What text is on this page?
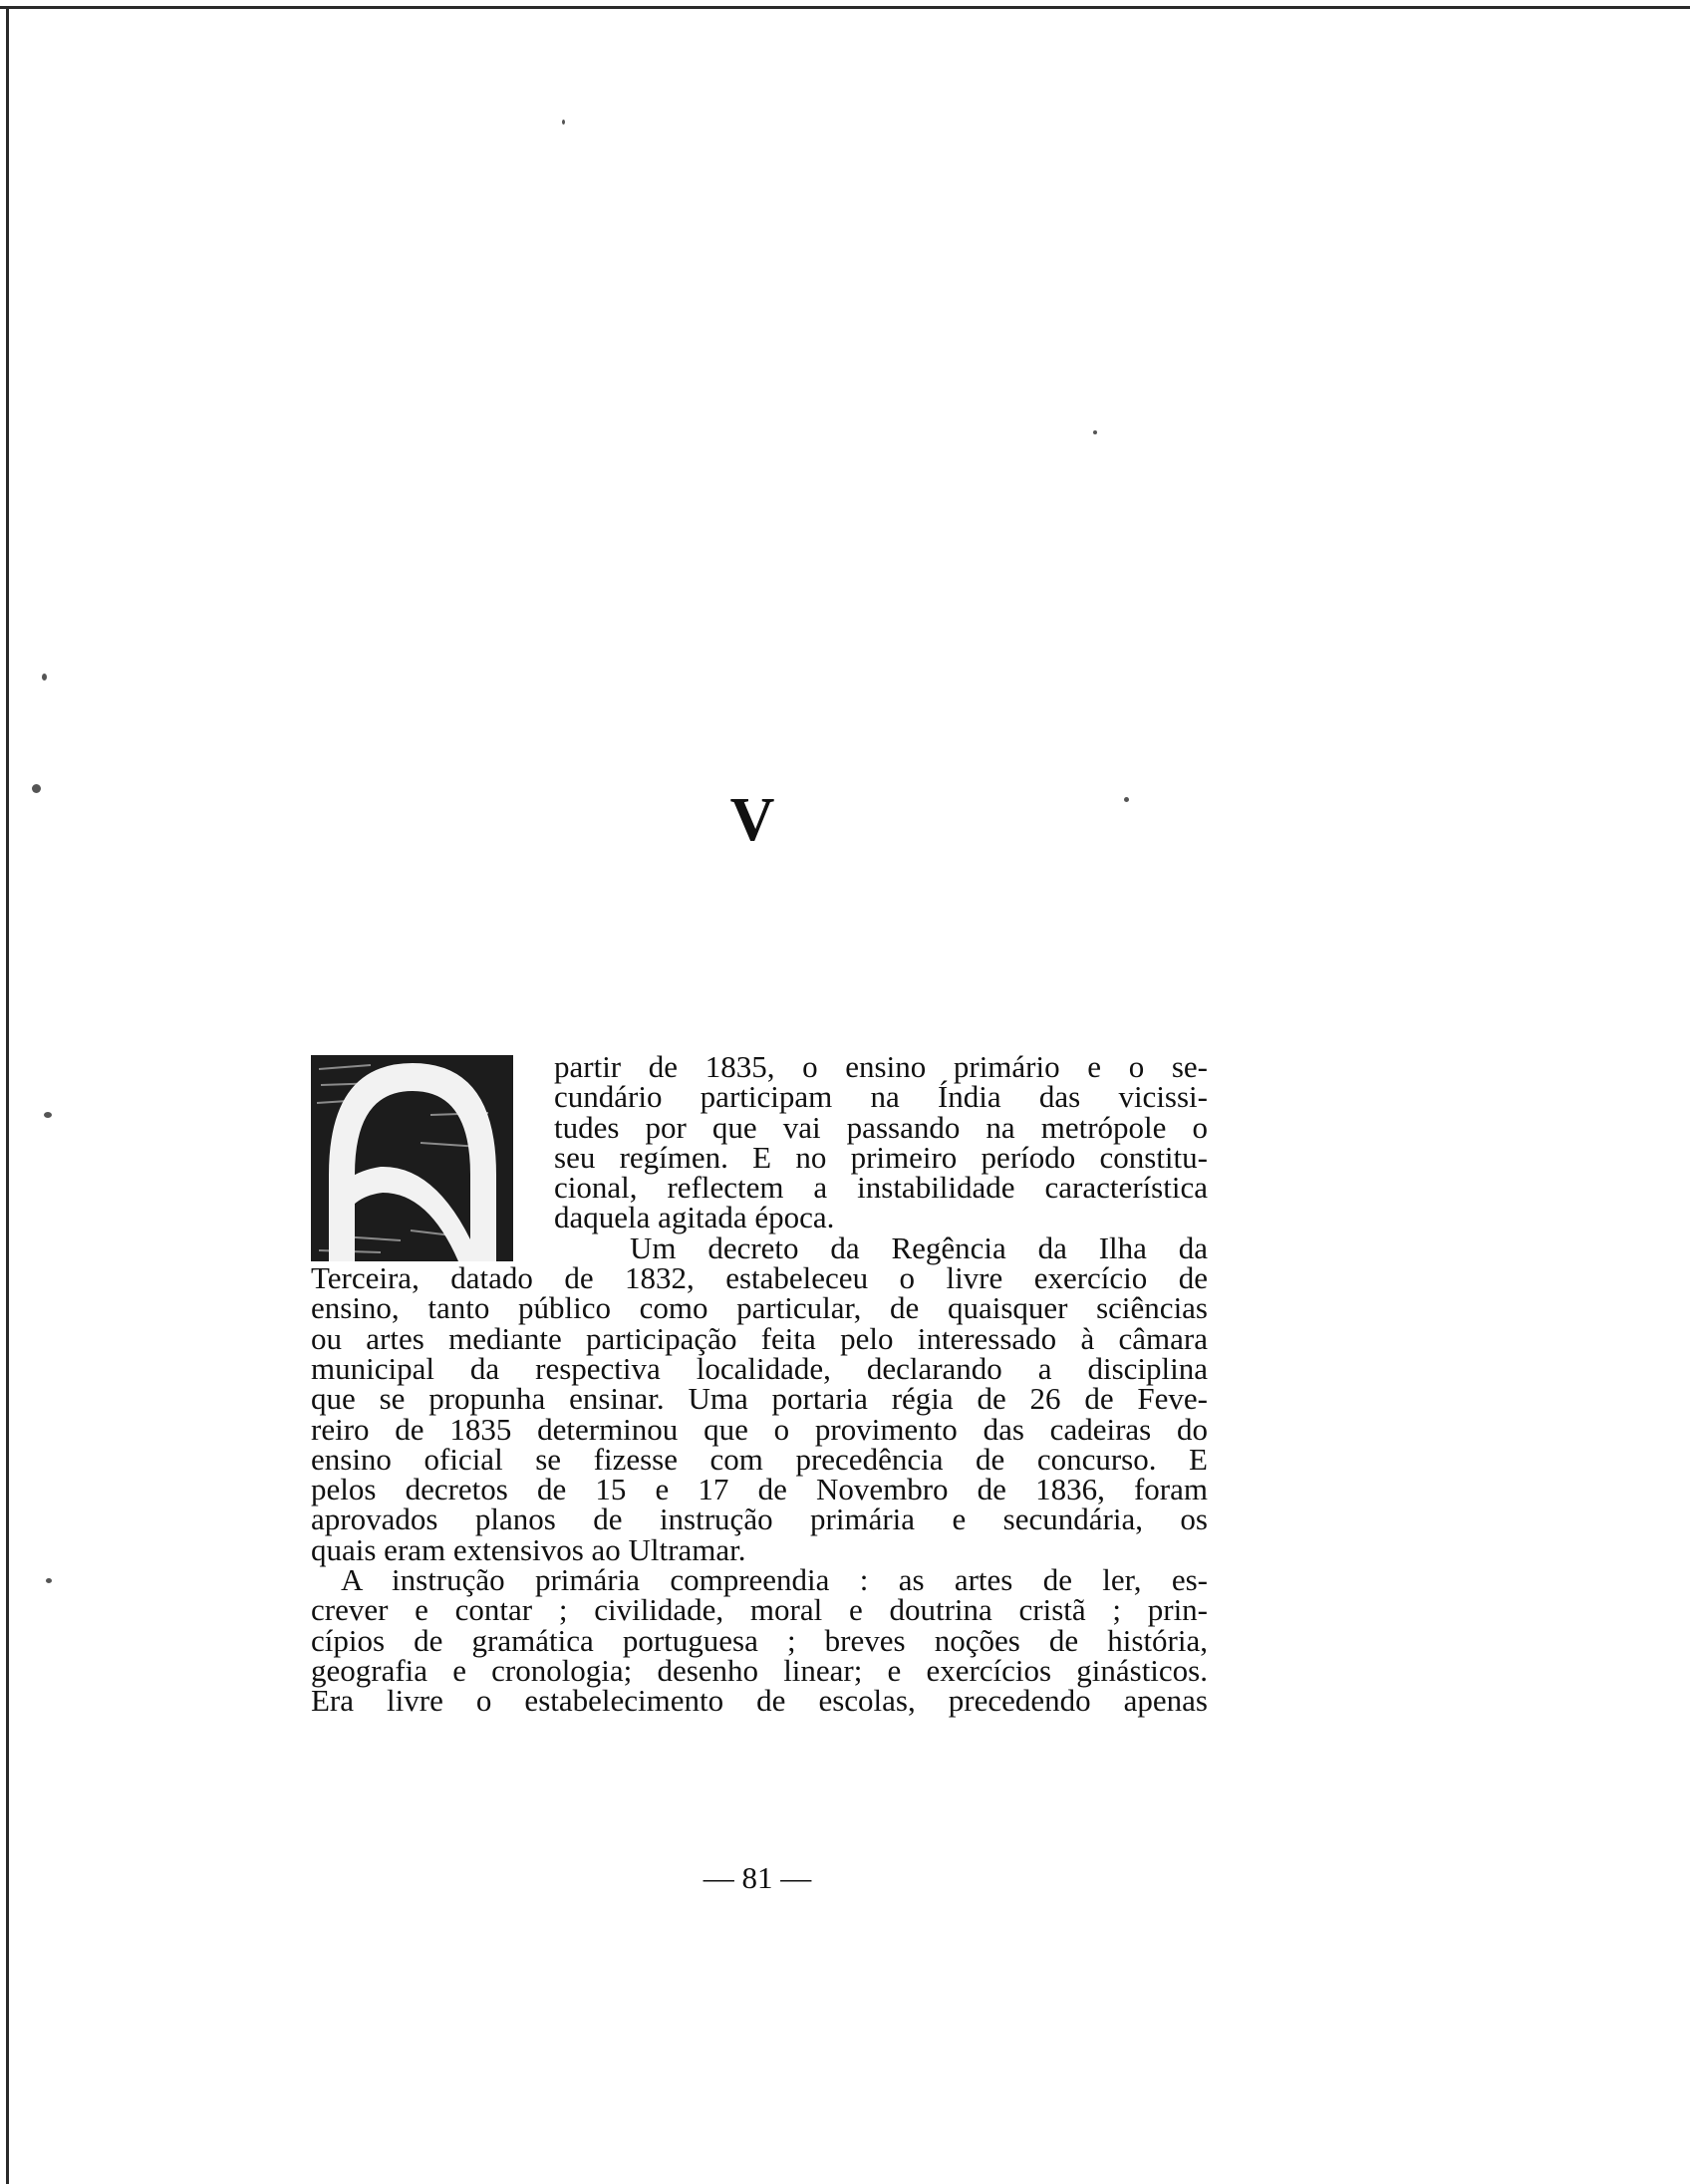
V
partir de 1835, o ensino primário e o se-
cundário participam na Índia das vicissi-
tudes por que vai passando na metrópole o
seu regímen. E no primeiro período constitu-
cional, reflectem a instabilidade característica
daquela agitada época.
Um decreto da Regência da Ilha da
Terceira, datado de 1832, estabeleceu o livre exercício de
ensino, tanto público como particular, de quaisquer sciências
ou artes mediante participação feita pelo interessado à câmara
municipal da respectiva localidade, declarando a disciplina
que se propunha ensinar. Uma portaria régia de 26 de Feve-
reiro de 1835 determinou que o provimento das cadeiras do
ensino oficial se fizesse com precedência de concurso. E
pelos decretos de 15 e 17 de Novembro de 1836, foram
aprovados planos de instrução primária e secundária, os
quais eram extensivos ao Ultramar.
A instrução primária compreendia : as artes de ler, es-
crever e contar ; civilidade, moral e doutrina cristã ; prin-
cípios de gramática portuguesa ; breves noções de história,
geografia e cronologia; desenho linear; e exercícios ginásticos.
Era livre o estabelecimento de escolas, precedendo apenas
— 81 —
